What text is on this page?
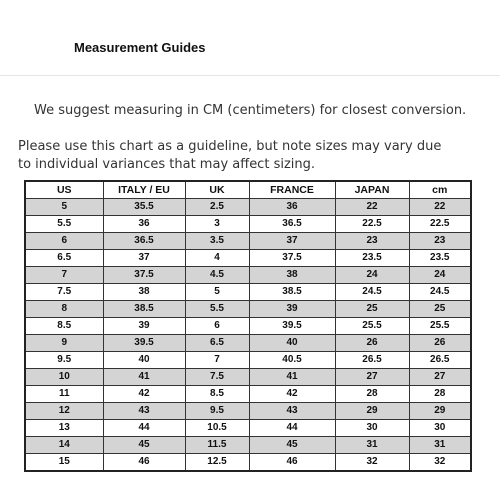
Measurement Guides

We suggest measuring in CM (centimeters) for closest conversion.

Please use this chart as a guideline, but note sizes may vary due to individual variances that may affect sizing.

US	ITALY / EU	UK	FRANCE	JAPAN	cm
5	35.5	2.5	36	22	22
5.5	36	3	36.5	22.5	22.5
6	36.5	3.5	37	23	23
6.5	37	4	37.5	23.5	23.5
7	37.5	4.5	38	24	24
7.5	38	5	38.5	24.5	24.5
8	38.5	5.5	39	25	25
8.5	39	6	39.5	25.5	25.5
9	39.5	6.5	40	26	26
9.5	40	7	40.5	26.5	26.5
10	41	7.5	41	27	27
11	42	8.5	42	28	28
12	43	9.5	43	29	29
13	44	10.5	44	30	30
14	45	11.5	45	31	31
15	46	12.5	46	32	32
